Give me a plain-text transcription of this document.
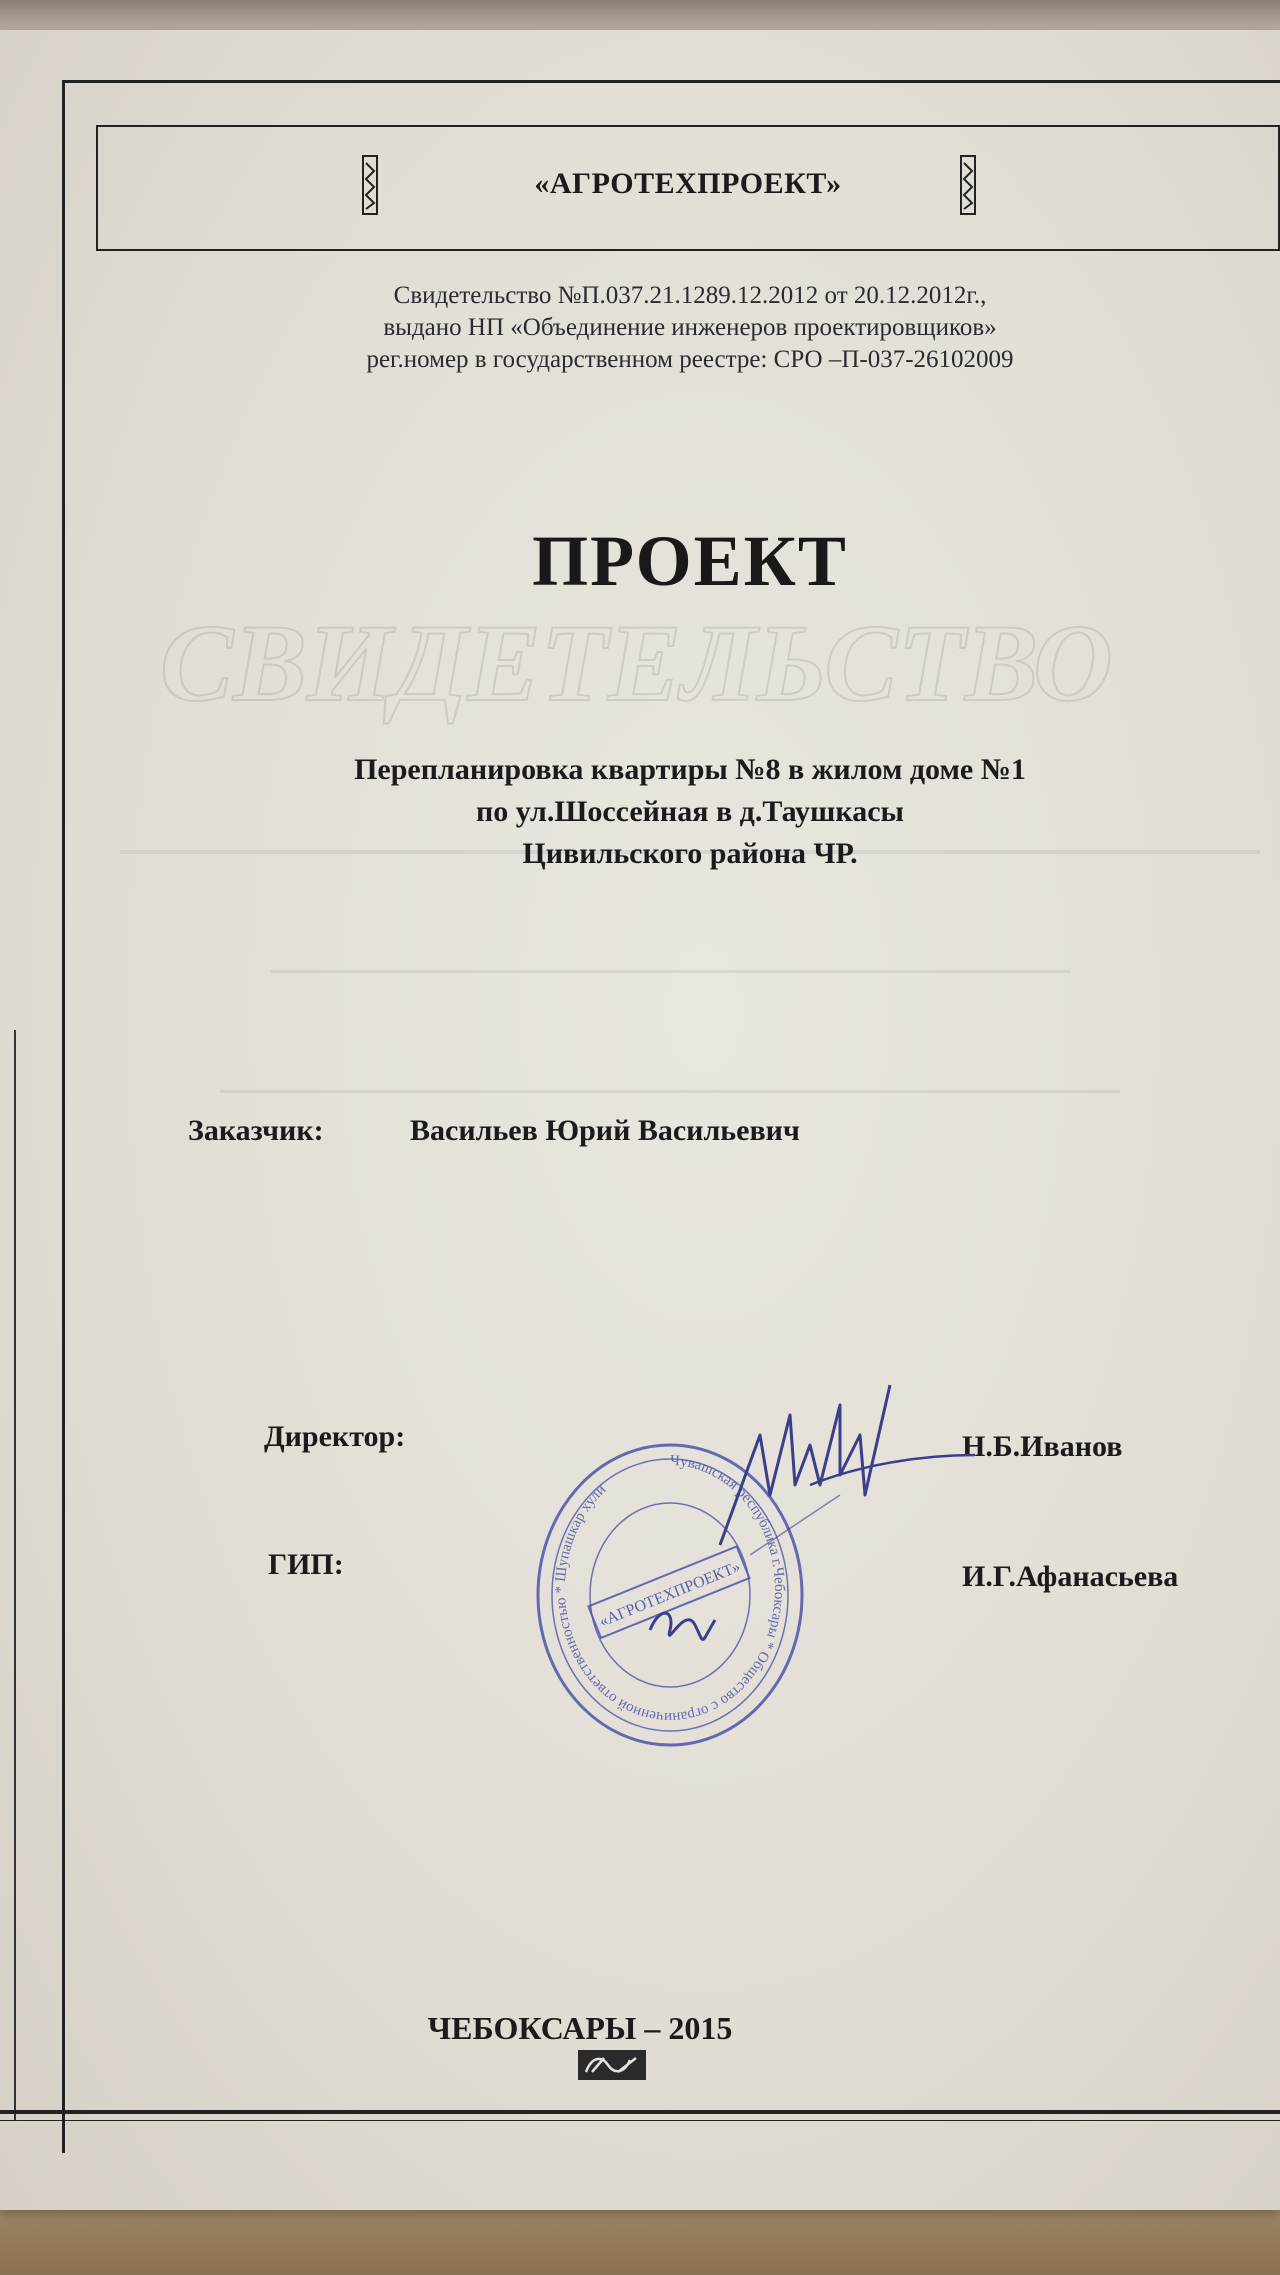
СВИДЕТЕЛЬСТВО
«АГРОТЕХПРОЕКТ»
Свидетельство №П.037.21.1289.12.2012 от 20.12.2012г.,
выдано НП «Объединение инженеров проектировщиков»
рег.номер в государственном реестре: СРО –П-037-26102009
ПРОЕКТ
Перепланировка квартиры №8 в жилом доме №1
по ул.Шоссейная в д.Таушкасы
Цивильского района ЧР.
Заказчик:	Васильев Юрий Васильевич
Директор:	Н.Б.Иванов
ГИП:	И.Г.Афанасьева
Чувашская республика г.Чебоксары * Общество с ограниченной ответственностью * Шупашкар хули
«АГРОТЕХПРОЕКТ»
ЧЕБОКСАРЫ – 2015
